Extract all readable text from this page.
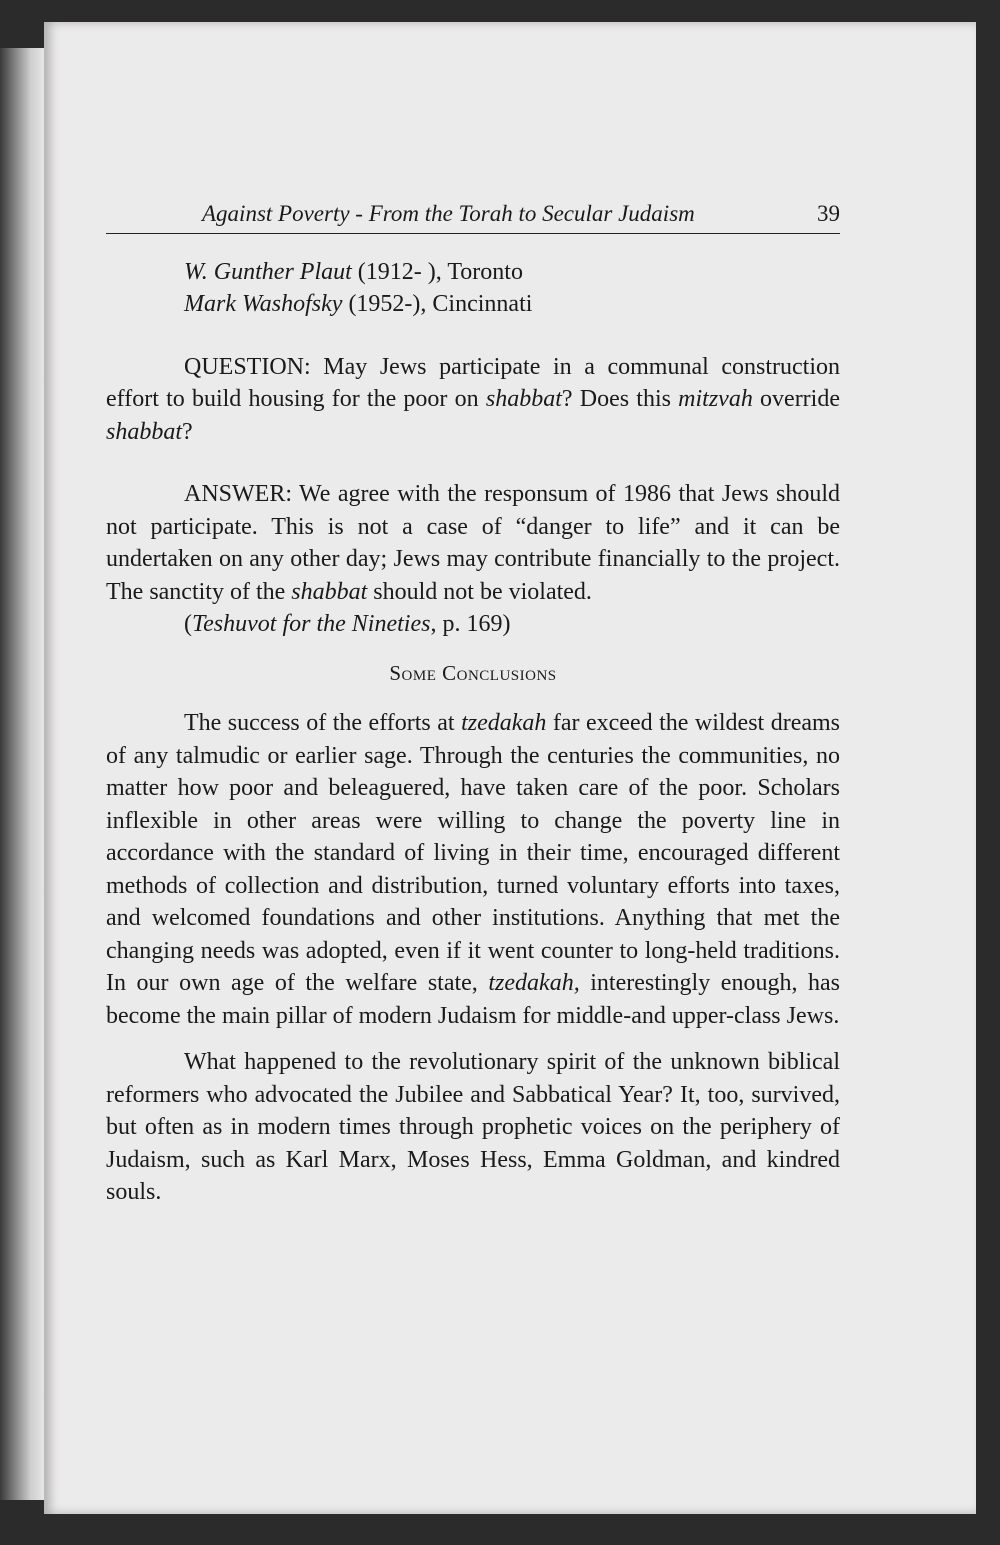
Against Poverty - From the Torah to Secular Judaism	39
W. Gunther Plaut (1912- ), Toronto
Mark Washofsky (1952-), Cincinnati

QUESTION: May Jews participate in a communal construction effort to build housing for the poor on shabbat? Does this mitzvah override shabbat?

ANSWER: We agree with the responsum of 1986 that Jews should not participate. This is not a case of “danger to life” and it can be undertaken on any other day; Jews may contribute financially to the project. The sanctity of the shabbat should not be violated.

(Teshuvot for the Nineties, p. 169)
Some Conclusions

The success of the efforts at tzedakah far exceed the wildest dreams of any talmudic or earlier sage. Through the centuries the communities, no matter how poor and beleaguered, have taken care of the poor. Scholars inflexible in other areas were willing to change the poverty line in accordance with the standard of living in their time, encouraged different methods of collection and distribution, turned voluntary efforts into taxes, and welcomed foundations and other institutions. Anything that met the changing needs was adopted, even if it went counter to long-held traditions. In our own age of the welfare state, tzedakah, interestingly enough, has become the main pillar of modern Judaism for middle-and upper-class Jews.

What happened to the revolutionary spirit of the unknown biblical reformers who advocated the Jubilee and Sabbatical Year? It, too, survived, but often as in modern times through prophetic voices on the periphery of Judaism, such as Karl Marx, Moses Hess, Emma Goldman, and kindred souls.
